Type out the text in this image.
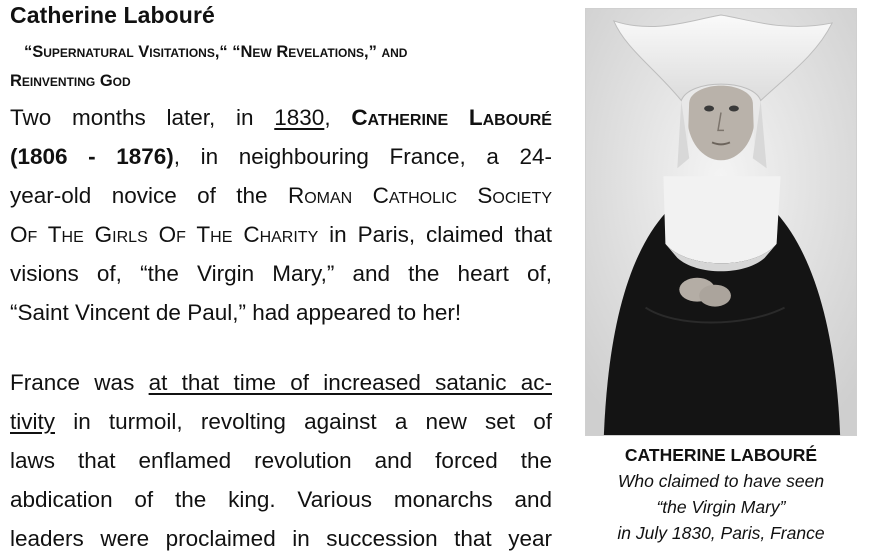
Catherine Labouré
“Supernatural Visitations,“ “New Revelations,” and
Reinventing God
Two months later, in 1830, Catherine Labouré
(1806 - 1876), in neighbouring France, a 24-
year-old novice of the Roman Catholic Society
Of The Girls Of The Charity in Paris, claimed that
visions of, “the Virgin Mary,” and the heart of,
“Saint Vincent de Paul,” had appeared to her!
France was at that time of increased satanic ac-
tivity in turmoil, revolting against a new set of
laws that enflamed revolution and forced the
abdication of the king. Various monarchs and
leaders were proclaimed in succession that year
CATHERINE LABOURÉ
Who claimed to have seen
“the Virgin Mary”
in July 1830, Paris, France
